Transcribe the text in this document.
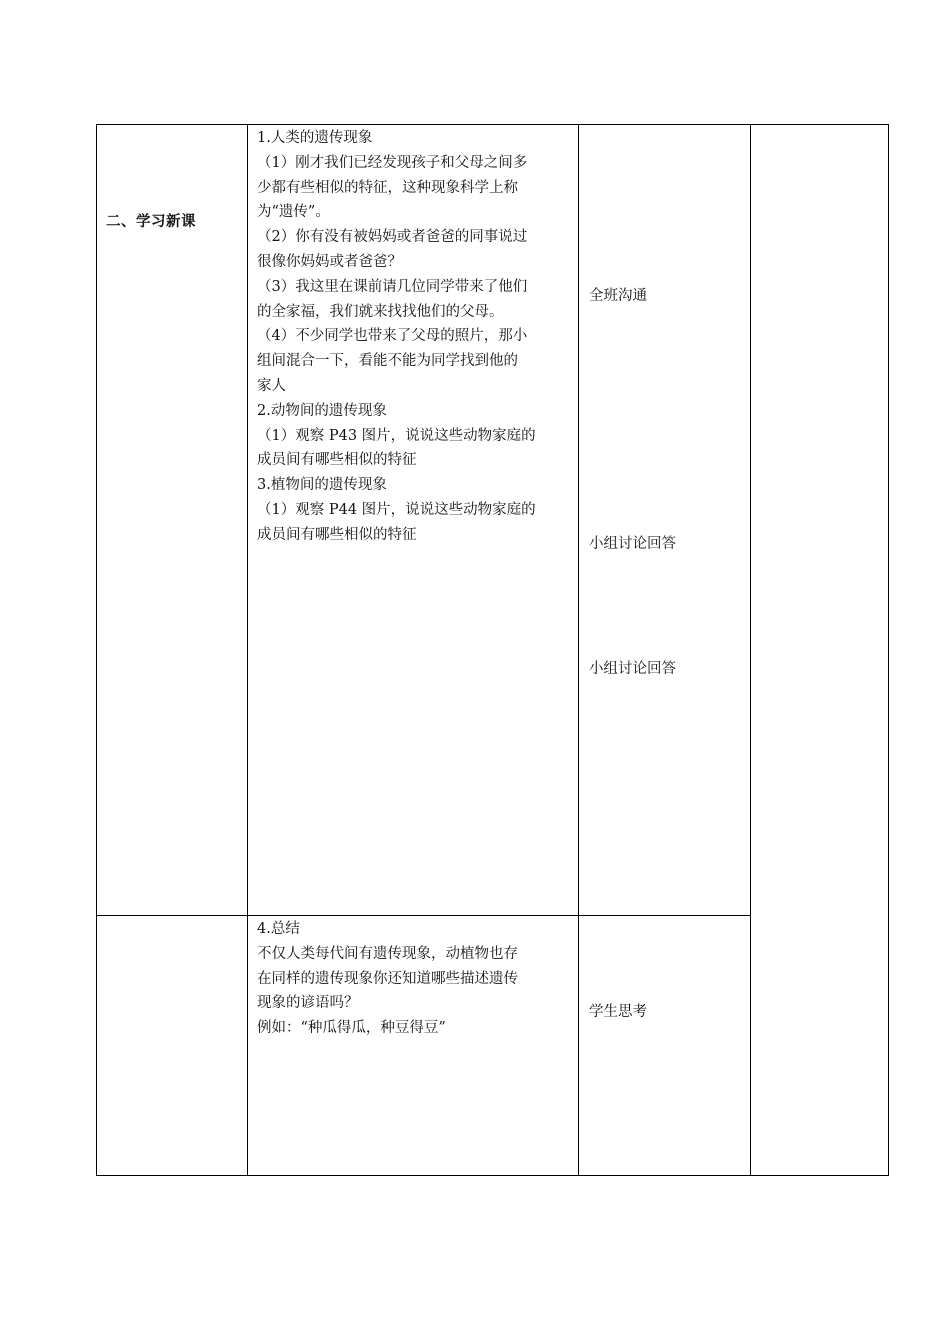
二、学习新课

1.人类的遗传现象

（1）刚才我们已经发现孩子和父母之间多

少都有些相似的特征，这种现象科学上称

为“遗传”。

（2）你有没有被妈妈或者爸爸的同事说过

很像你妈妈或者爸爸？

（3）我这里在课前请几位同学带来了他们

的全家福，我们就来找找他们的父母。

（4）不少同学也带来了父母的照片，那小

组间混合一下，看能不能为同学找到他的

家人

2.动物间的遗传现象

（1）观察 P43 图片，说说这些动物家庭的

成员间有哪些相似的特征

3.植物间的遗传现象

（1）观察 P44 图片，说说这些动物家庭的

成员间有哪些相似的特征

全班沟通
小组讨论回答
小组讨论回答

4.总结

不仅人类每代间有遗传现象，动植物也存

在同样的遗传现象你还知道哪些描述遗传

现象的谚语吗？

例如：“种瓜得瓜，种豆得豆”

学生思考
